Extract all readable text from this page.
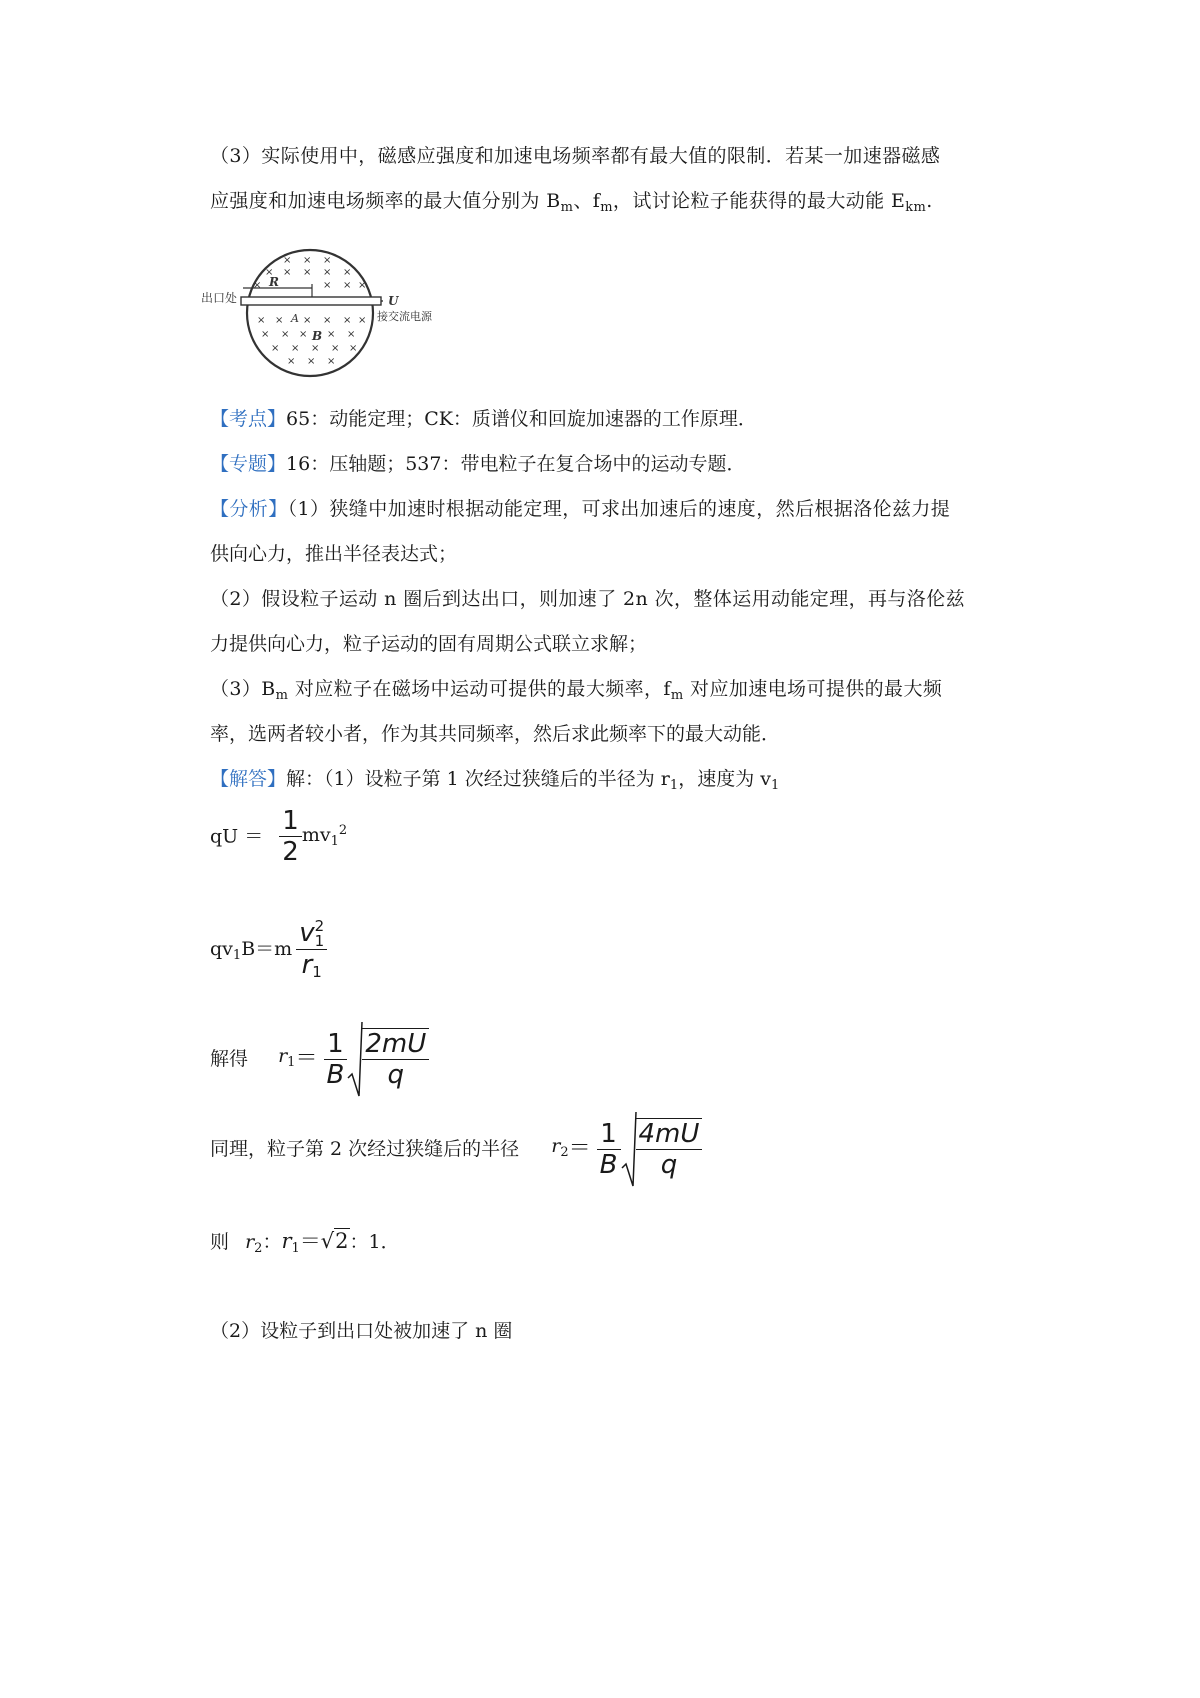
（3）实际使用中，磁感应强度和加速电场频率都有最大值的限制．若某一加速器磁感
应强度和加速电场频率的最大值分别为 $B_m$、$f_m$，试讨论粒子能获得的最大动能 $E_{km}$.
出口处
R
A
B
U
接交流电源
× × ×
× × × × ×
×	× × ×
× × × × × ×
× × × × ×
× × × × ×
× × ×
【考点】65：动能定理；CK：质谱仪和回旋加速器的工作原理．
【专题】16：压轴题；537：带电粒子在复合场中的运动专题．
【分析】（1）狭缝中加速时根据动能定理，可求出加速后的速度，然后根据洛伦兹力提
供向心力，推出半径表达式；
（2）假设粒子运动 n 圈后到达出口，则加速了 2n 次，整体运用动能定理，再与洛伦兹
力提供向心力，粒子运动的固有周期公式联立求解；
$(3)B_m$ 对应粒子在磁场中运动可提供的最大频率，$f_m$ 对应加速电场可提供的最大频
率，选两者较小者，作为其共同频率，然后求此频率下的最大动能．
【解答】解：（1）设粒子第 1 次经过狭缝后的半径为 $r_1$，速度为 $v_1$
qU ＝ $\frac{1}{2} mv_1^2$
$qv_1B=m$ v 2
1
$r_1$
解得 $r_1= \frac{1}{B} \frac{2mU}{q}$
同理，粒子第 2 次经过狭缝后的半径 $r_2= \frac{1}{B} \frac{4mU}{q}$
则 $r_2$：$r_1=√2$：1．
（2）设粒子到出口处被加速了 n 圈
